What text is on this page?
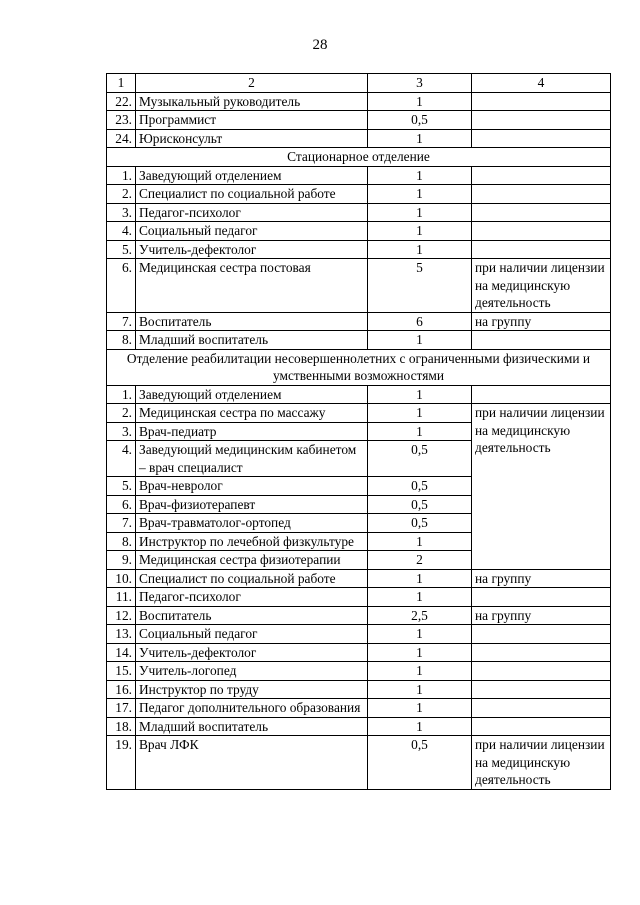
28
1	2	3	4
22.	Музыкальный руководитель	1	
23.	Программист	0,5	
24.	Юрисконсульт	1	
Стационарное отделение			
1.	Заведующий отделением	1	
2.	Специалист по социальной работе	1	
3.	Педагог-психолог	1	
4.	Социальный педагог	1	
5.	Учитель-дефектолог	1	
6.	Медицинская сестра постовая	5	при наличии лицензии на медицинскую деятельность
7.	Воспитатель	6	на группу
8.	Младший воспитатель	1	
Отделение реабилитации несовершеннолетних с ограниченными физическими и умственными возможностями			
1.	Заведующий отделением	1	
2.	Медицинская сестра по массажу	1	при наличии лицензии на медицинскую деятельность
3.	Врач-педиатр	1	
4.	Заведующий медицинским кабинетом – врач специалист	0,5	
5.	Врач-невролог	0,5	
6.	Врач-физиотерапевт	0,5	
7.	Врач-травматолог-ортопед	0,5	
8.	Инструктор по лечебной физкультуре	1	
9.	Медицинская сестра физиотерапии	2	
10.	Специалист по социальной работе	1	на группу
11.	Педагог-психолог	1	
12.	Воспитатель	2,5	на группу
13.	Социальный педагог	1	
14.	Учитель-дефектолог	1	
15.	Учитель-логопед	1	
16.	Инструктор по труду	1	
17.	Педагог дополнительного образования	1	
18.	Младший воспитатель	1	
19.	Врач ЛФК	0,5	при наличии лицензии на медицинскую деятельность
